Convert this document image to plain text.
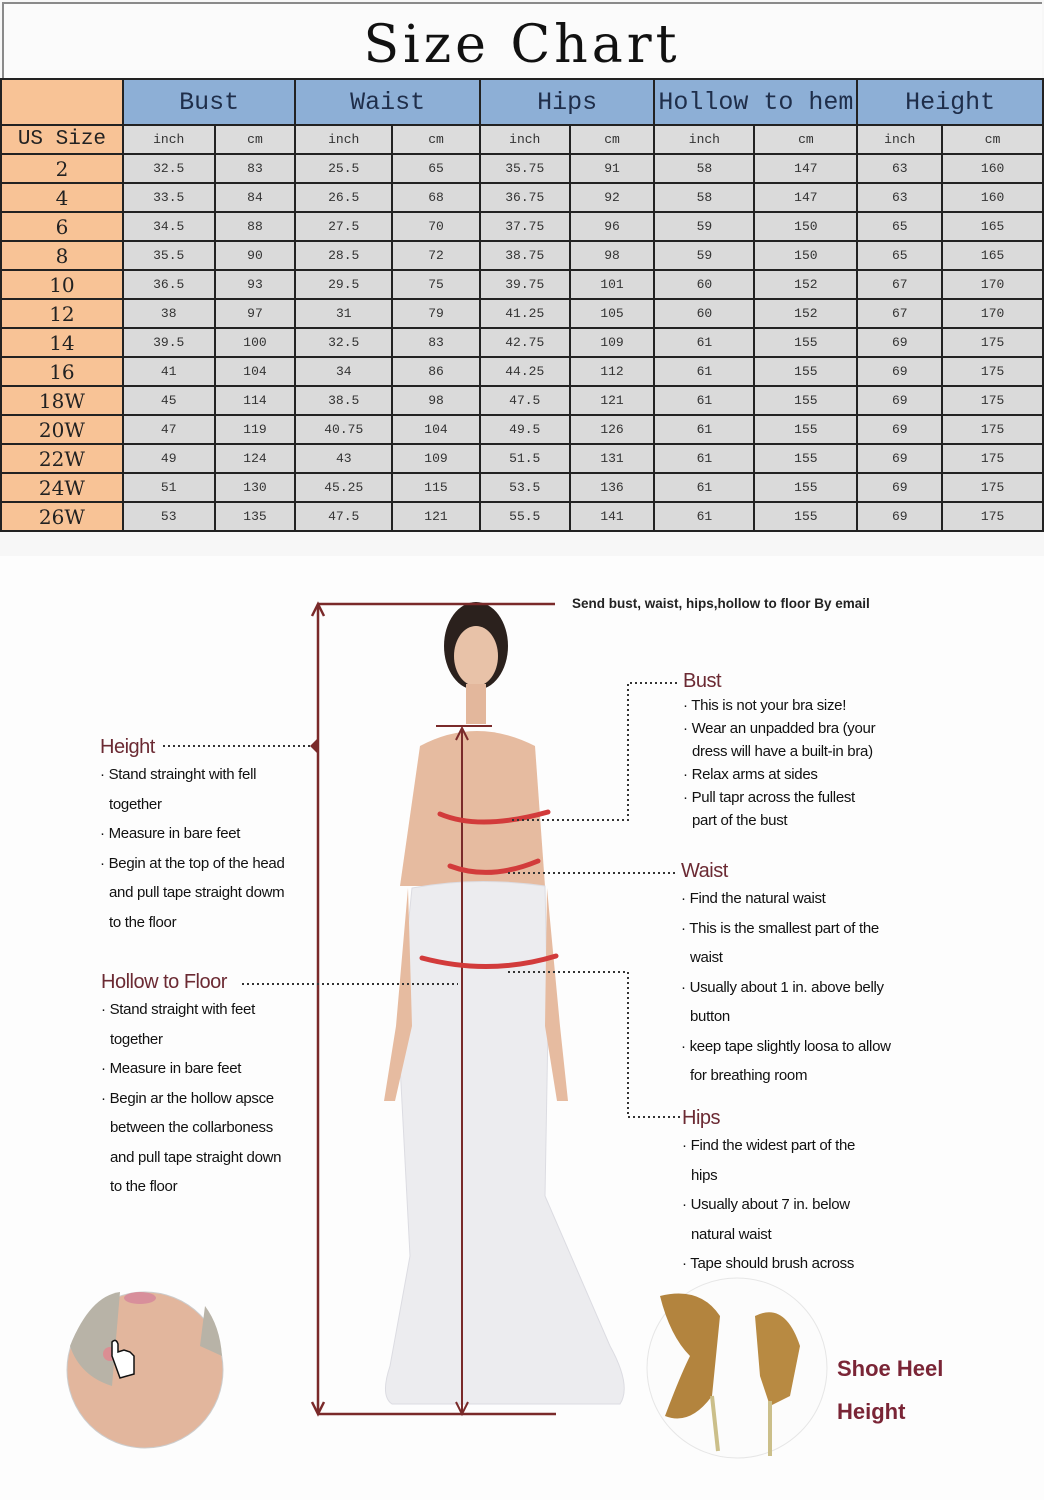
Size Chart
	Bust		Waist		Hips		Hollow to hem		Height	
US Size	inch	cm	inch	cm	inch	cm	inch	cm	inch	cm
2	32.5	83	25.5	65	35.75	91	58	147	63	160
4	33.5	84	26.5	68	36.75	92	58	147	63	160
6	34.5	88	27.5	70	37.75	96	59	150	65	165
8	35.5	90	28.5	72	38.75	98	59	150	65	165
10	36.5	93	29.5	75	39.75	101	60	152	67	170
12	38	97	31	79	41.25	105	60	152	67	170
14	39.5	100	32.5	83	42.75	109	61	155	69	175
16	41	104	34	86	44.25	112	61	155	69	175
18W	45	114	38.5	98	47.5	121	61	155	69	175
20W	47	119	40.75	104	49.5	126	61	155	69	175
22W	49	124	43	109	51.5	131	61	155	69	175
24W	51	130	45.25	115	53.5	136	61	155	69	175
26W	53	135	47.5	121	55.5	141	61	155	69	175
Send bust, waist, hips,hollow to floor By email
Height
· Stand strainght with fell
together
· Measure in bare feet
· Begin at the top of the head
and pull tape straight dowm
to the floor
Hollow to Floor
· Stand straight with feet
together
· Measure in bare feet
· Begin ar the hollow apsce
between the collarboness
and pull tape straight down
to the floor
Bust
· This is not your bra size!
· Wear an unpadded bra (your
dress will have a built-in bra)
· Relax arms at sides
· Pull tapr across the fullest
part of the bust
Waist
· Find the natural waist
· This is the smallest part of the
waist
· Usually about 1 in. above belly
button
· keep tape slightly loosa to allow
for breathing room
Hips
· Find the widest part of the
hips
· Usually about 7 in. below
natural waist
· Tape should brush across
Shoe Heel
Height
